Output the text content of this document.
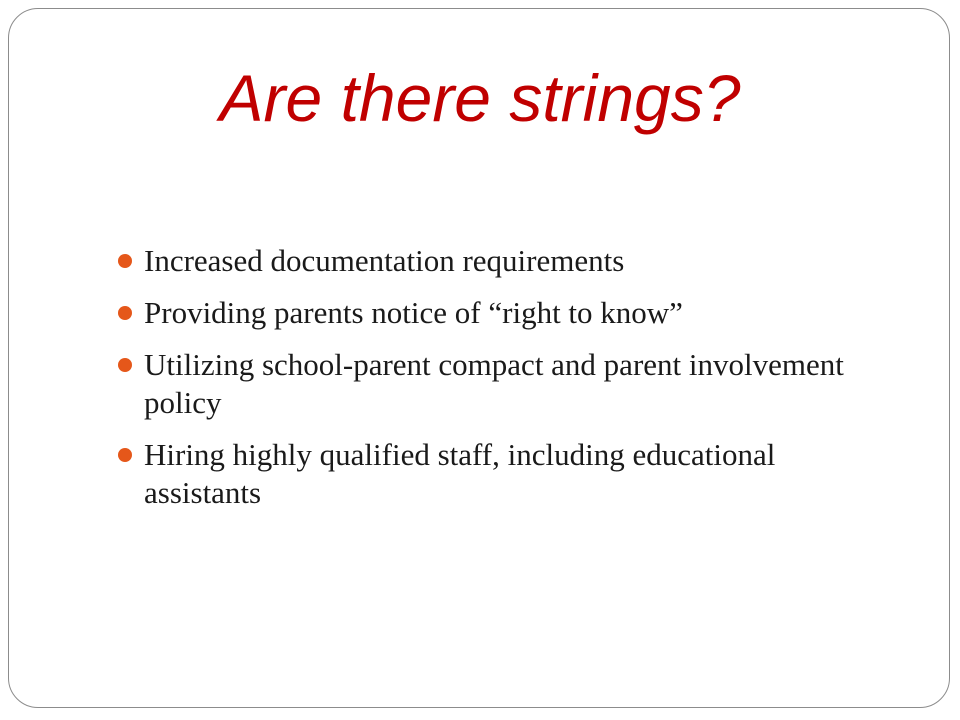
Are there strings?
Increased documentation requirements
Providing parents notice of “right to know”
Utilizing school-parent compact and parent involvement policy
Hiring highly qualified staff, including educational assistants
